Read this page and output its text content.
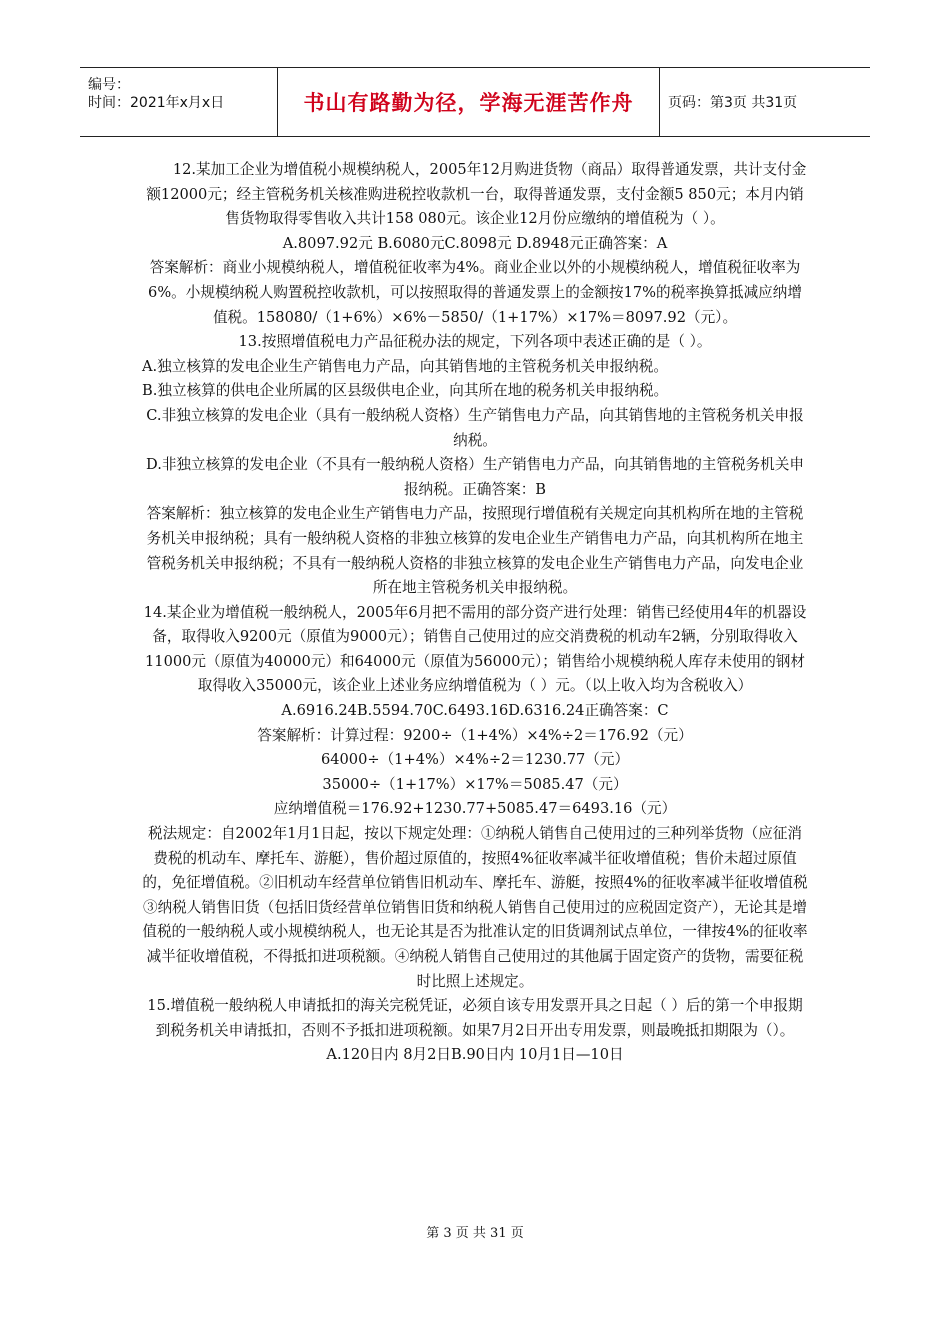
编号：
时间：2021年x月x日	书山有路勤为径，学海无涯苦作舟 页码：第3页 共31页

12.某加工企业为增值税小规模纳税人，2005年12月购进货物（商品）取得普通发票，共计支付金额12000元；经主管税务机关核准购进税控收款机一台，取得普通发票，支付金额5 850元；本月内销售货物取得零售收入共计158 080元。该企业12月份应缴纳的增值税为（ ）。

A.8097.92元 B.6080元C.8098元 D.8948元正确答案：A

答案解析：商业小规模纳税人，增值税征收率为4%。商业企业以外的小规模纳税人，增值税征收率为6%。小规模纳税人购置税控收款机，可以按照取得的普通发票上的金额按17%的税率换算抵减应纳增值税。158080/（1+6%）×6%－5850/（1+17%）×17%＝8097.92（元）。

13.按照增值税电力产品征税办法的规定，下列各项中表述正确的是（ ）。

A.独立核算的发电企业生产销售电力产品，向其销售地的主管税务机关申报纳税。

B.独立核算的供电企业所属的区县级供电企业，向其所在地的税务机关申报纳税。

C.非独立核算的发电企业（具有一般纳税人资格）生产销售电力产品，向其销售地的主管税务机关申报纳税。

D.非独立核算的发电企业（不具有一般纳税人资格）生产销售电力产品，向其销售地的主管税务机关申报纳税。正确答案：B

答案解析：独立核算的发电企业生产销售电力产品，按照现行增值税有关规定向其机构所在地的主管税务机关申报纳税；具有一般纳税人资格的非独立核算的发电企业生产销售电力产品，向其机构所在地主管税务机关申报纳税；不具有一般纳税人资格的非独立核算的发电企业生产销售电力产品，向发电企业所在地主管税务机关申报纳税。

14.某企业为增值税一般纳税人，2005年6月把不需用的部分资产进行处理：销售已经使用4年的机器设备，取得收入9200元（原值为9000元）；销售自己使用过的应交消费税的机动车2辆，分别取得收入11000元（原值为40000元）和64000元（原值为56000元）；销售给小规模纳税人库存未使用的钢材取得收入35000元，该企业上述业务应纳增值税为（ ）元。（以上收入均为含税收入）

A.6916.24B.5594.70C.6493.16D.6316.24正确答案：C

答案解析：计算过程：9200÷（1+4%）×4%÷2＝176.92（元）

64000÷（1+4%）×4%÷2＝1230.77（元）

35000÷（1+17%）×17%＝5085.47（元）

应纳增值税＝176.92+1230.77+5085.47＝6493.16（元）

税法规定：自2002年1月1日起，按以下规定处理：①纳税人销售自己使用过的三种列举货物（应征消费税的机动车、摩托车、游艇），售价超过原值的，按照4%征收率减半征收增值税；售价未超过原值的，免征增值税。②旧机动车经营单位销售旧机动车、摩托车、游艇，按照4%的征收率减半征收增值税③纳税人销售旧货（包括旧货经营单位销售旧货和纳税人销售自己使用过的应税固定资产），无论其是增值税的一般纳税人或小规模纳税人，也无论其是否为批准认定的旧货调剂试点单位，一律按4%的征收率减半征收增值税，不得抵扣进项税额。④纳税人销售自己使用过的其他属于固定资产的货物，需要征税时比照上述规定。

15.增值税一般纳税人申请抵扣的海关完税凭证，必须自该专用发票开具之日起（ ）后的第一个申报期到税务机关申请抵扣，否则不予抵扣进项税额。如果7月2日开出专用发票，则最晚抵扣期限为（）。

A.120日内 8月2日B.90日内 10月1日—10日

第 3 页 共 31 页
